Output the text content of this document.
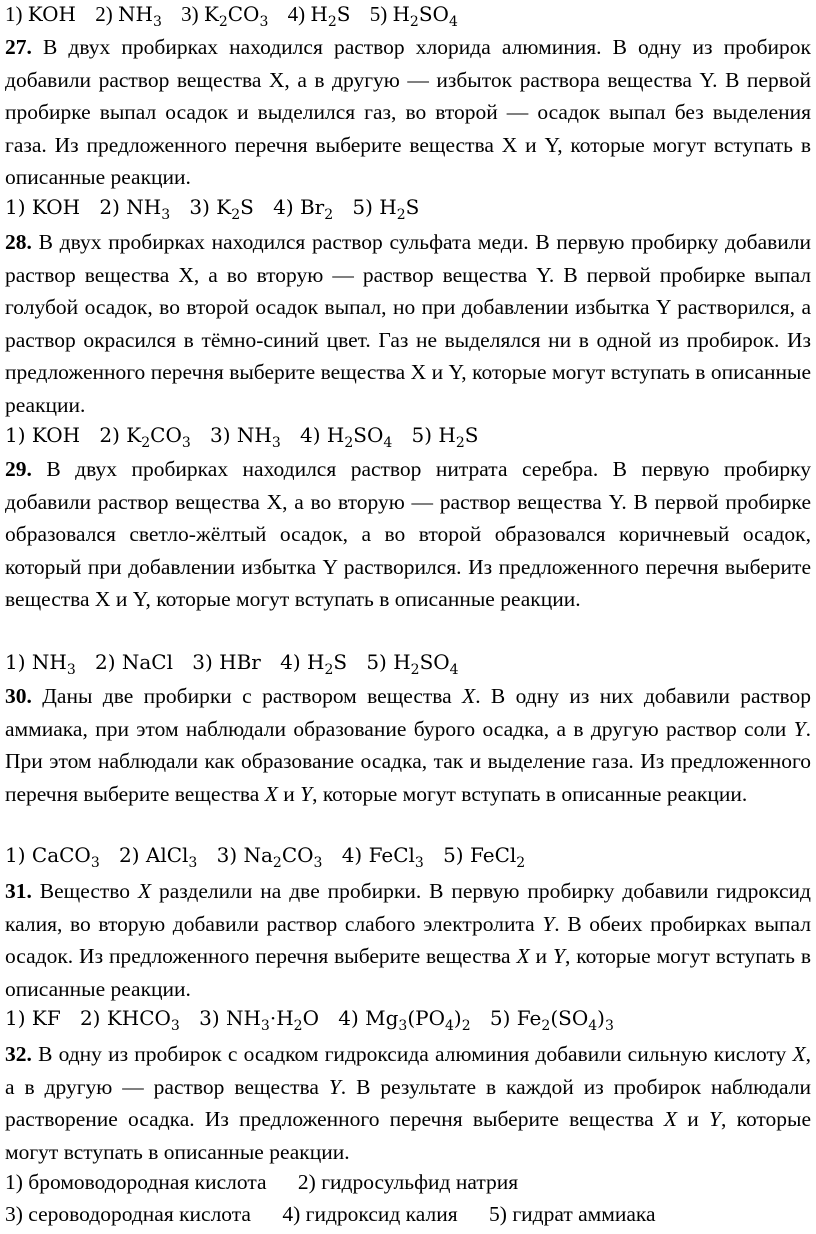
1) KOH 2) $NH_3$ 3) $K_2CO_3$ 4) $H_2S$ 5) $H_2SO_4$
27. В двух пробирках находился раствор хлорида алюминия. В одну из пробирок добавили раствор вещества X, а в другую — избыток раствора вещества Y. В первой пробирке выпал осадок и выделился газ, во второй — осадок выпал без выделения газа. Из предложенного перечня выберите вещества X и Y, которые могут вступать в описанные реакции.
1) KOH 2) $NH_3$ 3) $K_2S$ 4) $Br_2$ 5) $H_2S$
28. В двух пробирках находился раствор сульфата меди. В первую пробирку добавили раствор вещества X, а во вторую — раствор вещества Y. В первой пробирке выпал голубой осадок, во второй осадок выпал, но при добавлении избытка Y растворился, а раствор окрасился в тёмно-синий цвет. Газ не выделялся ни в одной из пробирок. Из предложенного перечня выберите вещества X и Y, которые могут вступать в описанные реакции.
1) KOH 2) $K_2CO_3$ 3) $NH_3$ 4) $H_2SO_4$ 5) $H_2S$
29. В двух пробирках находился раствор нитрата серебра. В первую пробирку добавили раствор вещества X, а во вторую — раствор вещества Y. В первой пробирке образовался светло-жёлтый осадок, а во второй образовался коричневый осадок, который при добавлении избытка Y растворился. Из предложенного перечня выберите вещества X и Y, которые могут вступать в описанные реакции.
1) $NH_3$ 2) NaCl 3) HBr 4) $H_2S$ 5) $H_2SO_4$
30. Даны две пробирки с раствором вещества X. В одну из них добавили раствор аммиака, при этом наблюдали образование бурого осадка, а в другую раствор соли Y. При этом наблюдали как образование осадка, так и выделение газа. Из предложенного перечня выберите вещества X и Y, которые могут вступать в описанные реакции.
1) CaCO$_3$ 2) AlCl$_3$ 3) $Na_2CO_3$ 4) FeCl$_3$ 5) FeCl$_2$
31. Вещество X разделили на две пробирки. В первую пробирку добавили гидроксид калия, во вторую добавили раствор слабого электролита Y. В обеих пробирках выпал осадок. Из предложенного перечня выберите вещества X и Y, которые могут вступать в описанные реакции.
1) KF 2) $KHCO_3$ 3) $NH_3\cdot H_2O$ 4) $Mg_3(PO_4)_2$ 5) $Fe_2(SO_4)_3$
32. В одну из пробирок с осадком гидроксида алюминия добавили сильную кислоту X, а в другую — раствор вещества Y. В результате в каждой из пробирок наблюдали растворение осадка. Из предложенного перечня выберите вещества X и Y, которые могут вступать в описанные реакции.
1) бромоводородная кислота 2) гидросульфид натрия
3) сероводородная кислота 4) гидроксид калия 5) гидрат аммиака
